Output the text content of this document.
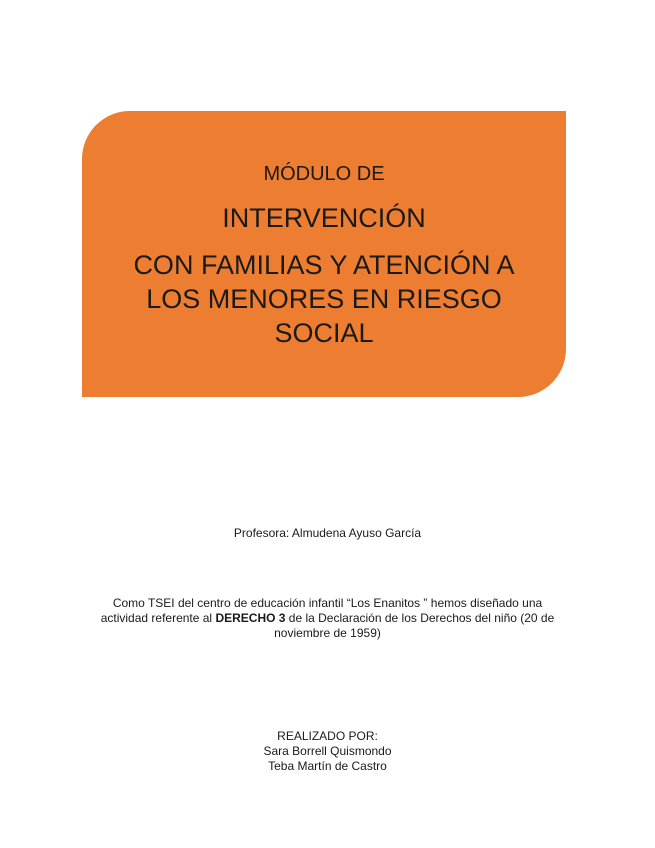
MÓDULO DE
INTERVENCIÓN
CON FAMILIAS Y ATENCIÓN A
LOS MENORES EN RIESGO
SOCIAL
Profesora: Almudena Ayuso García
Como TSEI del centro de educación infantil “Los Enanitos ” hemos diseñado una actividad referente al DERECHO 3 de la Declaración de los Derechos del niño (20 de noviembre de 1959)
REALIZADO POR:
Sara Borrell Quismondo
Teba Martín de Castro
